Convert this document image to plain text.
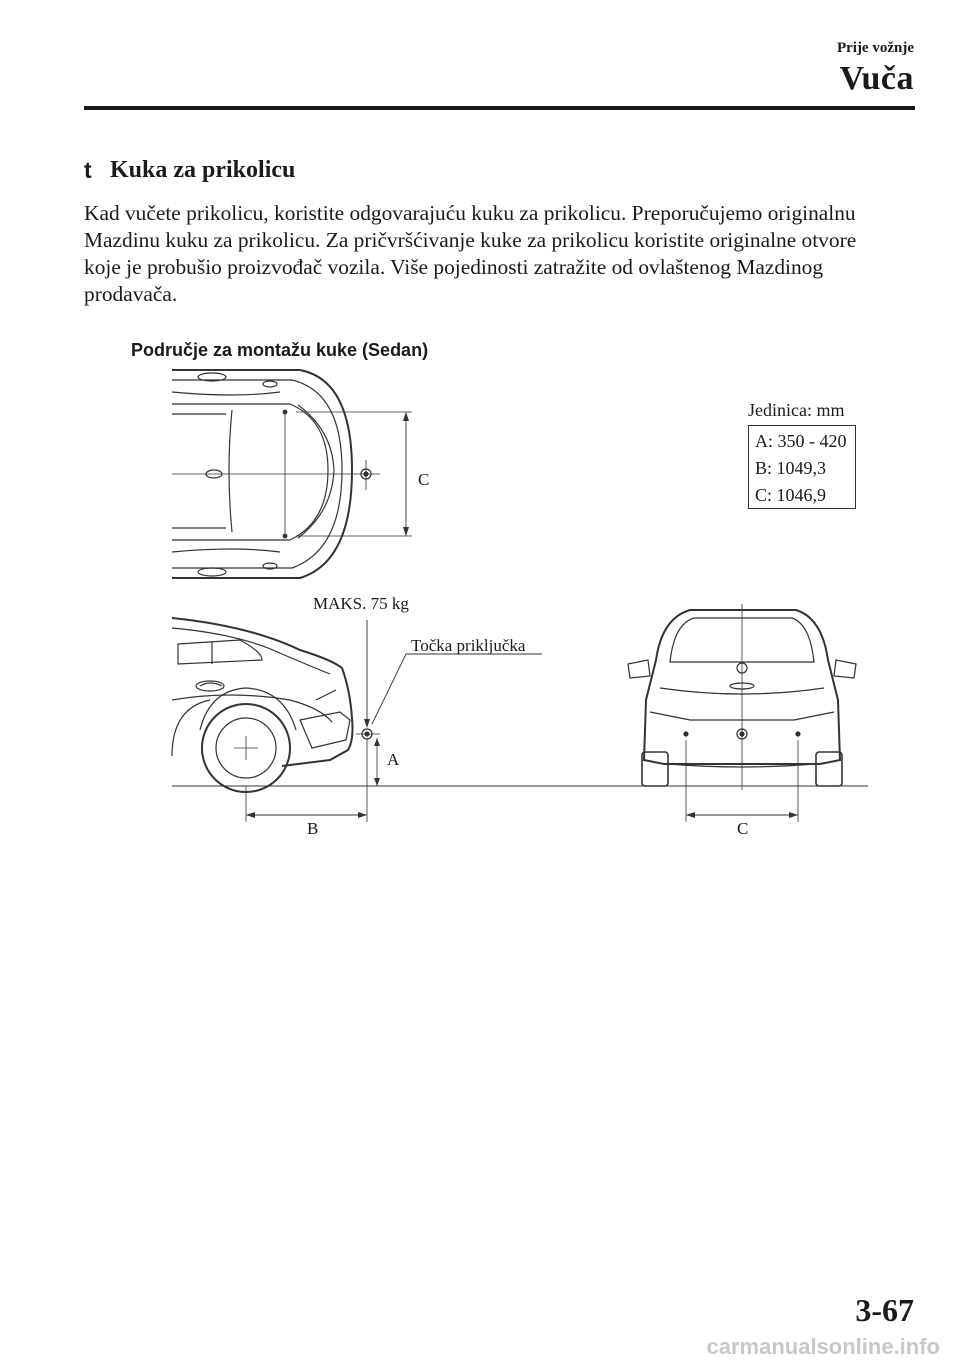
Prije vožnje
Vuča
t Kuka za prikolicu
Kad vučete prikolicu, koristite odgovarajuću kuku za prikolicu. Preporučujemo originalnu
Mazdinu kuku za prikolicu. Za pričvršćivanje kuke za prikolicu koristite originalne otvore
koje je probušio proizvođač vozila. Više pojedinosti zatražite od ovlaštenog Mazdinog
prodavača.
Područje za montažu kuke (Sedan)
Jedinica: mm
A: 350 - 420
B: 1049,3
C: 1046,9
C
MAKS. 75 kg
Točka priključka
A
B	C
3-67
carmanualsonline.info
